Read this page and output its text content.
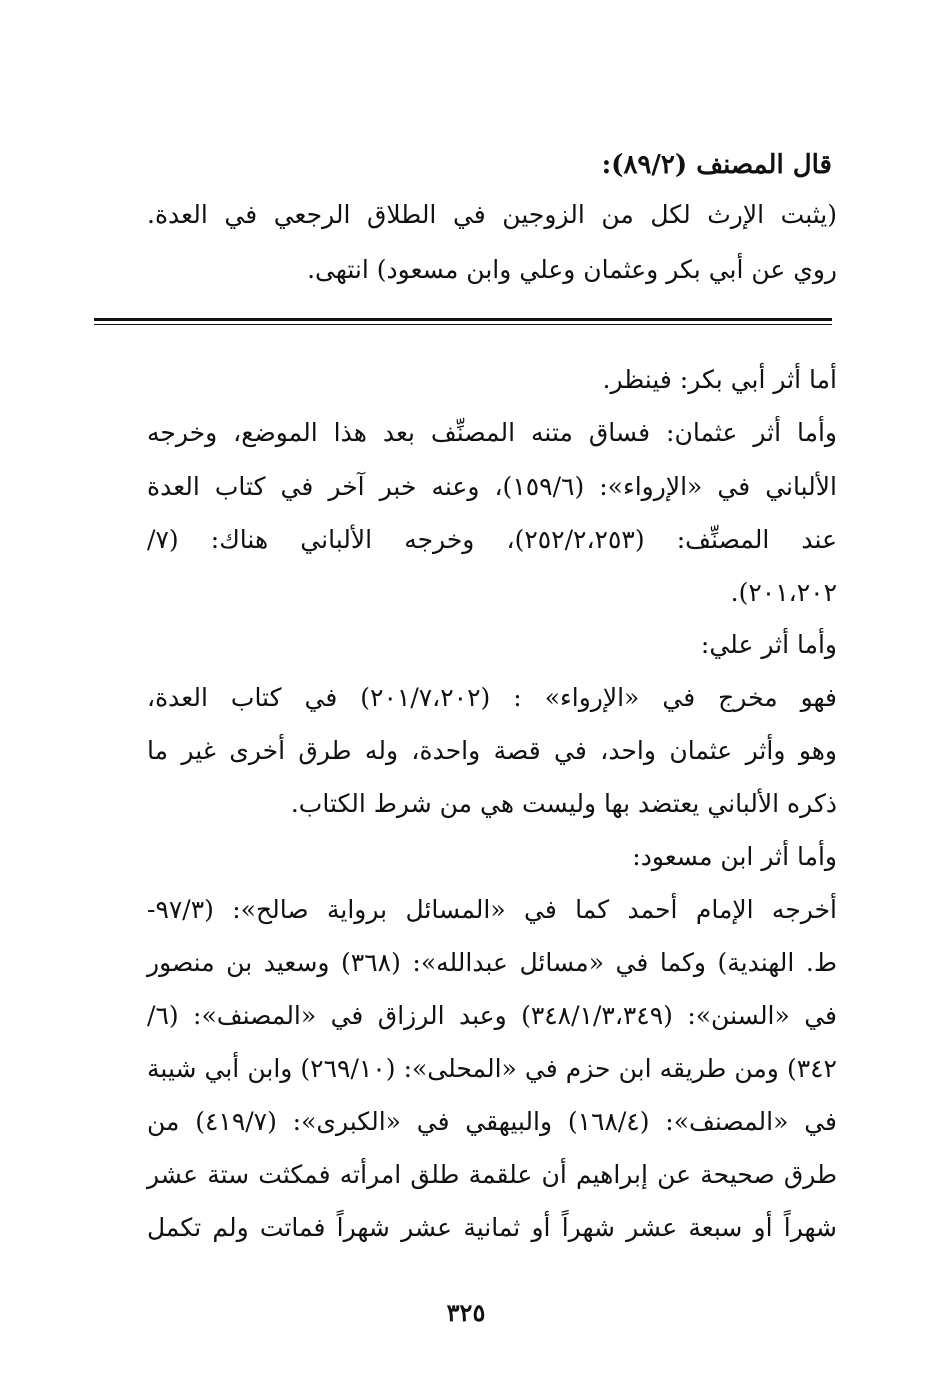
قال المصنف (٨٩/٢):
(يثبت الإرث لكل من الزوجين في الطلاق الرجعي في العدة.
روي عن أبي بكر وعثمان وعلي وابن مسعود) انتهى.
أما أثر أبي بكر: فينظر.
وأما أثر عثمان: فساق متنه المصنِّف بعد هذا الموضع، وخرجه
الألباني في «الإرواء»: (١٥٩/٦)، وعنه خبر آخر في كتاب العدة
عند المصنِّف: (٢٥٢/٢،٢٥٣)، وخرجه الألباني هناك: (٧/
٢٠١،٢٠٢).
وأما أثر علي:
فهو مخرج في «الإرواء» : (٢٠١/٧،٢٠٢) في كتاب العدة،
وهو وأثر عثمان واحد، في قصة واحدة، وله طرق أخرى غير ما
ذكره الألباني يعتضد بها وليست هي من شرط الكتاب.
وأما أثر ابن مسعود:
أخرجه الإمام أحمد كما في «المسائل برواية صالح»: (٩٧/٣-
ط. الهندية) وكما في «مسائل عبدالله»: (٣٦٨) وسعيد بن منصور
في «السنن»: (٣٤٨/١/٣،٣٤٩) وعبد الرزاق في «المصنف»: (٦/
٣٤٢) ومن طريقه ابن حزم في «المحلى»: (٢٦٩/١٠) وابن أبي شيبة
في «المصنف»: (١٦٨/٤) والبيهقي في «الكبرى»: (٤١٩/٧) من
طرق صحيحة عن إبراهيم أن علقمة طلق امرأته فمكثت ستة عشر
شهراً أو سبعة عشر شهراً أو ثمانية عشر شهراً فماتت ولم تكمل
٣٢٥
